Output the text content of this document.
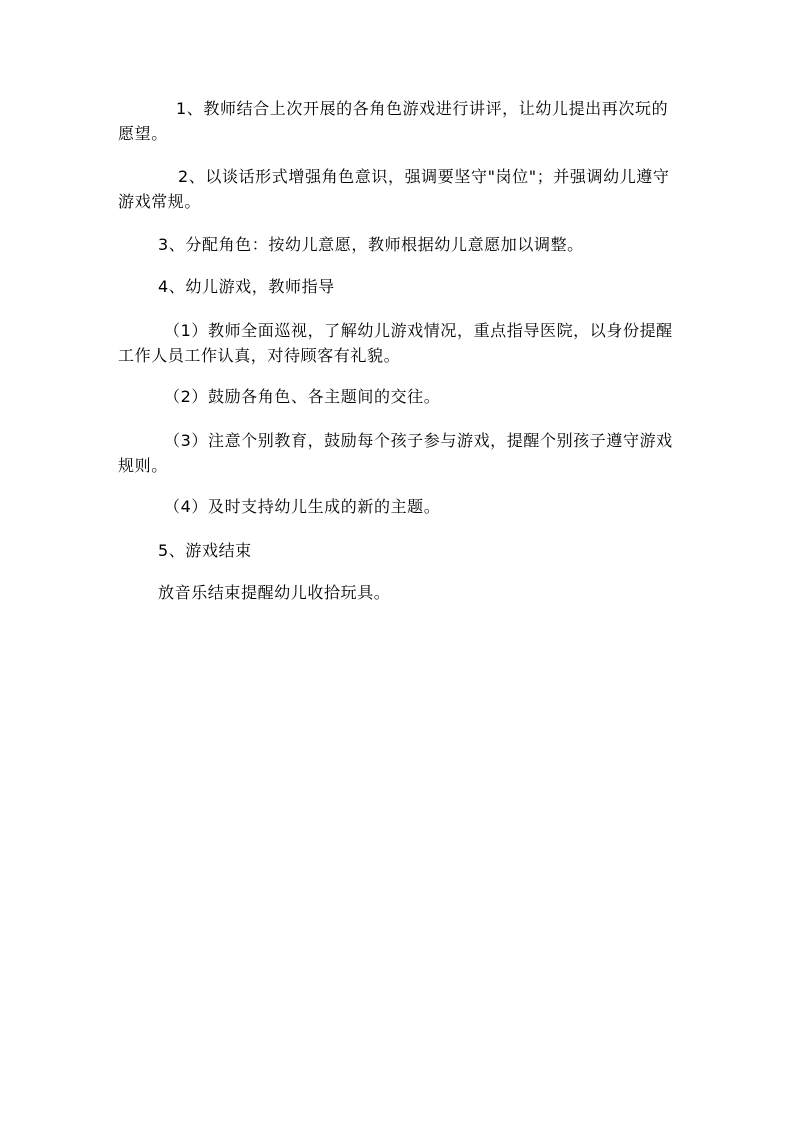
1、教师结合上次开展的各角色游戏进行讲评，让幼儿提出再次玩的愿望。

2、以谈话形式增强角色意识，强调要坚守"岗位"；并强调幼儿遵守游戏常规。

3、分配角色：按幼儿意愿，教师根据幼儿意愿加以调整。

4、幼儿游戏，教师指导

（1）教师全面巡视，了解幼儿游戏情况，重点指导医院，以身份提醒工作人员工作认真，对待顾客有礼貌。

（2）鼓励各角色、各主题间的交往。

（3）注意个别教育，鼓励每个孩子参与游戏，提醒个别孩子遵守游戏规则。

（4）及时支持幼儿生成的新的主题。

5、游戏结束

放音乐结束提醒幼儿收拾玩具。
